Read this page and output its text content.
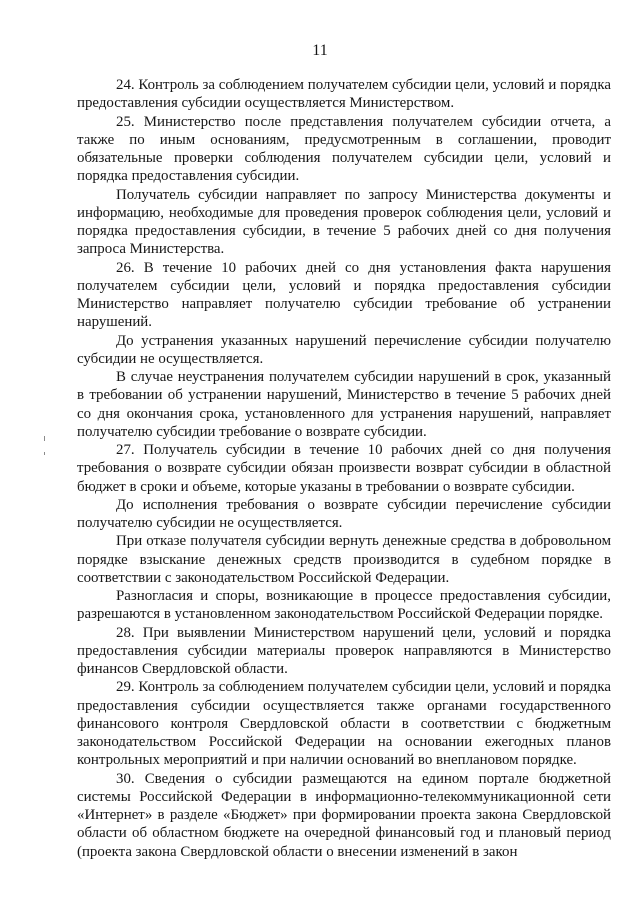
11

24. Контроль за соблюдением получателем субсидии цели, условий и порядка предоставления субсидии осуществляется Министерством.

25. Министерство после представления получателем субсидии отчета, а также по иным основаниям, предусмотренным в соглашении, проводит обязательные проверки соблюдения получателем субсидии цели, условий и порядка предоставления субсидии.

Получатель субсидии направляет по запросу Министерства документы и информацию, необходимые для проведения проверок соблюдения цели, условий и порядка предоставления субсидии, в течение 5 рабочих дней со дня получения запроса Министерства.

26. В течение 10 рабочих дней со дня установления факта нарушения получателем субсидии цели, условий и порядка предоставления субсидии Министерство направляет получателю субсидии требование об устранении нарушений.

До устранения указанных нарушений перечисление субсидии получателю субсидии не осуществляется.

В случае неустранения получателем субсидии нарушений в срок, указанный в требовании об устранении нарушений, Министерство в течение 5 рабочих дней со дня окончания срока, установленного для устранения нарушений, направляет получателю субсидии требование о возврате субсидии.

27. Получатель субсидии в течение 10 рабочих дней со дня получения требования о возврате субсидии обязан произвести возврат субсидии в областной бюджет в сроки и объеме, которые указаны в требовании о возврате субсидии.

До исполнения требования о возврате субсидии перечисление субсидии получателю субсидии не осуществляется.

При отказе получателя субсидии вернуть денежные средства в добровольном порядке взыскание денежных средств производится в судебном порядке в соответствии с законодательством Российской Федерации.

Разногласия и споры, возникающие в процессе предоставления субсидии, разрешаются в установленном законодательством Российской Федерации порядке.

28. При выявлении Министерством нарушений цели, условий и порядка предоставления субсидии материалы проверок направляются в Министерство финансов Свердловской области.

29. Контроль за соблюдением получателем субсидии цели, условий и порядка предоставления субсидии осуществляется также органами государственного финансового контроля Свердловской области в соответствии с бюджетным законодательством Российской Федерации на основании ежегодных планов контрольных мероприятий и при наличии оснований во внеплановом порядке.

30. Сведения о субсидии размещаются на едином портале бюджетной системы Российской Федерации в информационно-телекоммуникационной сети «Интернет» в разделе «Бюджет» при формировании проекта закона Свердловской области об областном бюджете на очередной финансовый год и плановый период (проекта закона Свердловской области о внесении изменений в закон
